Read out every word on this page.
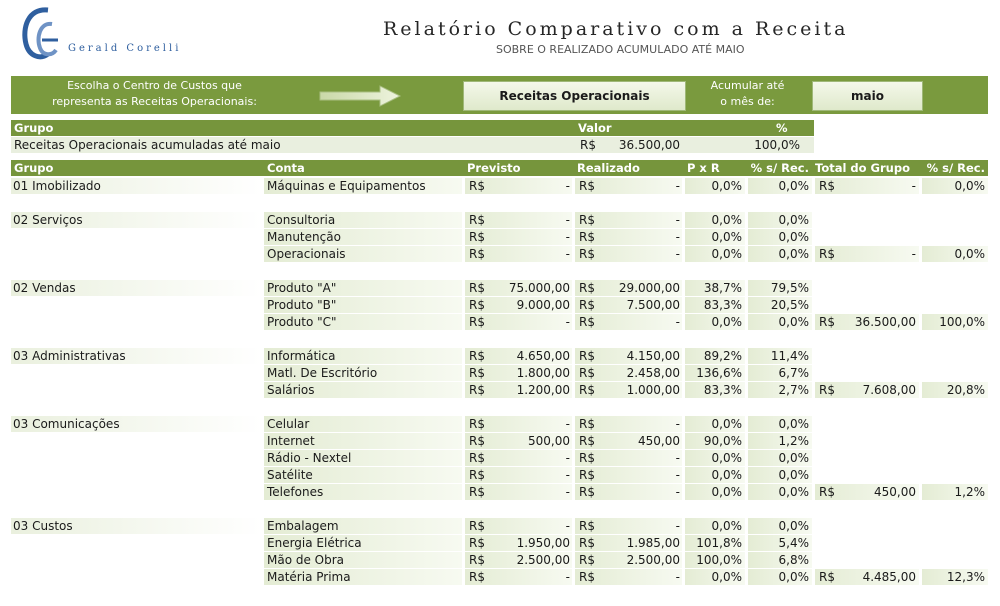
Gerald Corelli
Relatório Comparativo com a Receita
SOBRE O REALIZADO ACUMULADO ATÉ MAIO
Escolha o Centro de Custos que
representa as Receitas Operacionais:	Receitas Operacionais
Acumular até
o mês de:	maio
Grupo	Valor	%
Receitas Operacionais acumuladas até maio	R$	36.500,00	100,0%
Grupo	Conta	Previsto	Realizado	P x R	% s/ Rec. Total do Grupo	% s/ Rec.
01 Imobilizado	Máquinas e Equipamentos	R$	- R$	-	0,0%	0,0% R$	-	0,0%
02 Serviços	Consultoria	R$	- R$	-	0,0%	0,0%
Manutenção	R$	- R$	-	0,0%	0,0%
Operacionais	R$	- R$	-	0,0%	0,0% R$	-	0,0%
02 Vendas	Produto "A"	R$	75.000,00 R$	29.000,00	38,7%	79,5%
Produto "B"	R$	9.000,00 R$	7.500,00	83,3%	20,5%
Produto "C"	R$	- R$	-	0,0%	0,0% R$	36.500,00	100,0%
03 Administrativas	Informática	R$	4.650,00 R$	4.150,00	89,2%	11,4%
Matl. De Escritório	R$	1.800,00 R$	2.458,00	136,6%	6,7%
Salários	R$	1.200,00 R$	1.000,00	83,3%	2,7% R$	7.608,00	20,8%
03 Comunicações	Celular	R$	- R$	-	0,0%	0,0%
Internet	R$	500,00 R$	450,00	90,0%	1,2%
Rádio - Nextel	R$	- R$	-	0,0%	0,0%
Satélite	R$	- R$	-	0,0%	0,0%
Telefones	R$	- R$	-	0,0%	0,0% R$	450,00	1,2%
03 Custos	Embalagem	R$	- R$	-	0,0%	0,0%
Energia Elétrica	R$	1.950,00 R$	1.985,00	101,8%	5,4%
Mão de Obra	R$	2.500,00 R$	2.500,00	100,0%	6,8%
Matéria Prima	R$	- R$	-	0,0%	0,0% R$	4.485,00	12,3%
